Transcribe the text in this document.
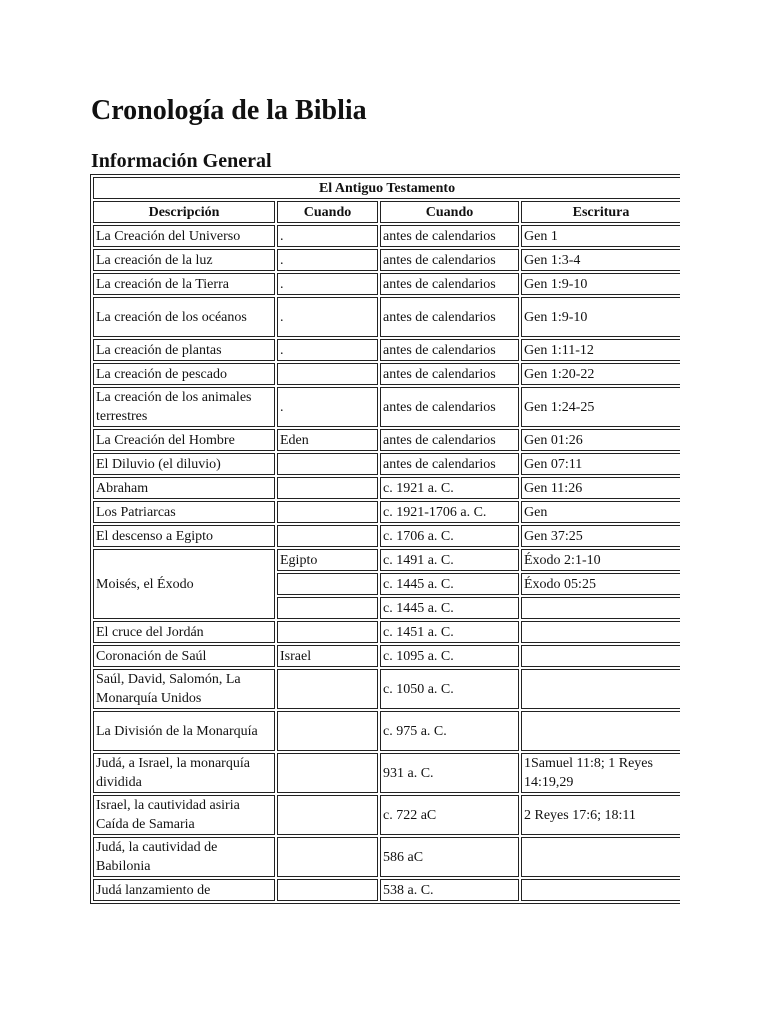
Cronología de la Biblia
Información General
El Antiguo Testamento			
Descripción	Cuando	Cuando	Escritura
La Creación del Universo	.	antes de calendarios	Gen 1
La creación de la luz	.	antes de calendarios	Gen 1:3-4
La creación de la Tierra	.	antes de calendarios	Gen 1:9-10
La creación de los océanos	.	antes de calendarios	Gen 1:9-10
La creación de plantas	.	antes de calendarios	Gen 1:11-12
La creación de pescado		antes de calendarios	Gen 1:20-22
La creación de los animales terrestres	.	antes de calendarios	Gen 1:24-25
La Creación del Hombre	Eden	antes de calendarios	Gen 01:26
El Diluvio (el diluvio)		antes de calendarios	Gen 07:11
Abraham		c. 1921 a. C.	Gen 11:26
Los Patriarcas		c. 1921-1706 a. C.	Gen
El descenso a Egipto		c. 1706 a. C.	Gen 37:25
Moisés, el Éxodo	Egipto	c. 1491 a. C.	Éxodo 2:1-10
		c. 1445 a. C.	Éxodo 05:25
		c. 1445 a. C.	
El cruce del Jordán		c. 1451 a. C.	
Coronación de Saúl	Israel	c. 1095 a. C.	
Saúl, David, Salomón, La Monarquía Unidos		c. 1050 a. C.	
La División de la Monarquía		c. 975 a. C.	
Judá, a Israel, la monarquía dividida		931 a. C.	1Samuel 11:8; 1 Reyes 14:19,29
Israel, la cautividad asiria Caída de Samaria		c. 722 aC	2 Reyes 17:6; 18:11
Judá, la cautividad de Babilonia		586 aC	
Judá lanzamiento de		538 a. C.	
